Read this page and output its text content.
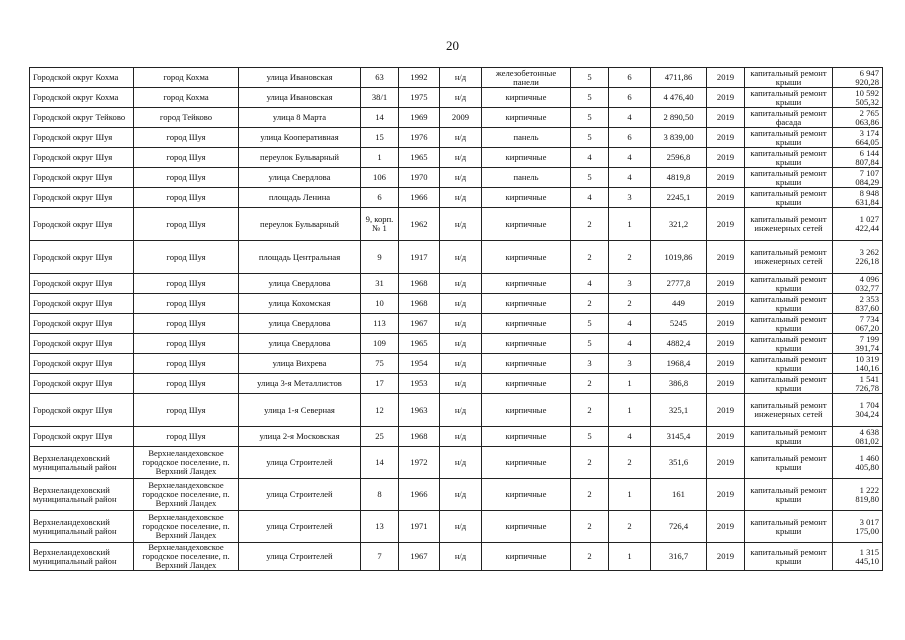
20
Городской округ Кохма	город Кохма	улица Ивановская	63	1992	н/д	железобетонные панели	5	6	4711,86	2019	капитальный ремонт крыши	6 947 920,28
Городской округ Кохма	город Кохма	улица Ивановская	38/1	1975	н/д	кирпичные	5	6	4 476,40	2019	капитальный ремонт крыши	10 592 505,32
Городской округ Тейково	город Тейково	улица 8 Марта	14	1969	2009	кирпичные	5	4	2 890,50	2019	капитальный ремонт фасада	2 765 063,86
Городской округ Шуя	город Шуя	улица Кооперативная	15	1976	н/д	панель	5	6	3 839,00	2019	капитальный ремонт крыши	3 174 664,05
Городской округ Шуя	город Шуя	переулок Бульварный	1	1965	н/д	кирпичные	4	4	2596,8	2019	капитальный ремонт крыши	6 144 807,84
Городской округ Шуя	город Шуя	улица Свердлова	106	1970	н/д	панель	5	4	4819,8	2019	капитальный ремонт крыши	7 107 084,29
Городской округ Шуя	город Шуя	площадь Ленина	6	1966	н/д	кирпичные	4	3	2245,1	2019	капитальный ремонт крыши	8 948 631,84
Городской округ Шуя	город Шуя	переулок Бульварный	9, корп. № 1	1962	н/д	кирпичные	2	1	321,2	2019	капитальный ремонт инженерных сетей	1 027 422,44
Городской округ Шуя	город Шуя	площадь Центральная	9	1917	н/д	кирпичные	2	2	1019,86	2019	капитальный ремонт инженерных сетей	3 262 226,18
Городской округ Шуя	город Шуя	улица Свердлова	31	1968	н/д	кирпичные	4	3	2777,8	2019	капитальный ремонт крыши	4 096 032,77
Городской округ Шуя	город Шуя	улица Кохомская	10	1968	н/д	кирпичные	2	2	449	2019	капитальный ремонт крыши	2 353 837,60
Городской округ Шуя	город Шуя	улица Свердлова	113	1967	н/д	кирпичные	5	4	5245	2019	капитальный ремонт крыши	7 734 067,20
Городской округ Шуя	город Шуя	улица Свердлова	109	1965	н/д	кирпичные	5	4	4882,4	2019	капитальный ремонт крыши	7 199 391,74
Городской округ Шуя	город Шуя	улица Вихрева	75	1954	н/д	кирпичные	3	3	1968,4	2019	капитальный ремонт крыши	10 319 140,16
Городской округ Шуя	город Шуя	улица 3-я Металлистов	17	1953	н/д	кирпичные	2	1	386,8	2019	капитальный ремонт крыши	1 541 726,78
Городской округ Шуя	город Шуя	улица 1-я Северная	12	1963	н/д	кирпичные	2	1	325,1	2019	капитальный ремонт инженерных сетей	1 704 304,24
Городской округ Шуя	город Шуя	улица 2-я Московская	25	1968	н/д	кирпичные	5	4	3145,4	2019	капитальный ремонт крыши	4 638 081,02
Верхнеландеховский муниципальный район	Верхнеландеховское городское поселение, п. Верхний Ландех	улица Строителей	14	1972	н/д	кирпичные	2	2	351,6	2019	капитальный ремонт крыши	1 460 405,80
Верхнеландеховский муниципальный район	Верхнеландеховское городское поселение, п. Верхний Ландех	улица Строителей	8	1966	н/д	кирпичные	2	1	161	2019	капитальный ремонт крыши	1 222 819,80
Верхнеландеховский муниципальный район	Верхнеландеховское городское поселение, п. Верхний Ландех	улица Строителей	13	1971	н/д	кирпичные	2	2	726,4	2019	капитальный ремонт крыши	3 017 175,00
Верхнеландеховский муниципальный район	Верхнеландеховское городское поселение, п. Верхний Ландех	улица Строителей	7	1967	н/д	кирпичные	2	1	316,7	2019	капитальный ремонт крыши	1 315 445,10
